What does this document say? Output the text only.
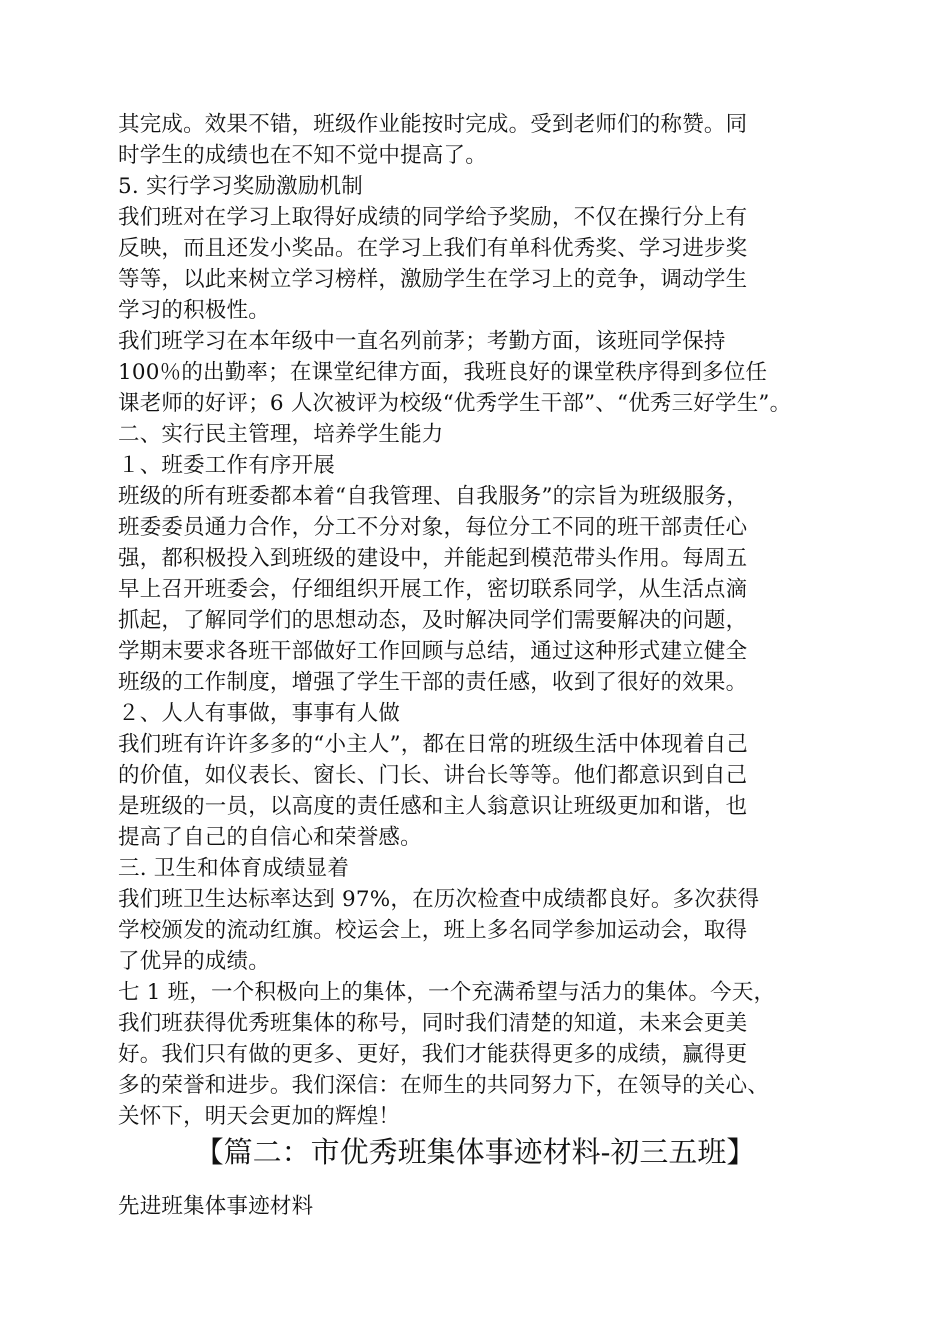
其完成。效果不错，班级作业能按时完成。受到老师们的称赞。同
时学生的成绩也在不知不觉中提高了。
5. 实行学习奖励激励机制
我们班对在学习上取得好成绩的同学给予奖励，不仅在操行分上有
反映，而且还发小奖品。在学习上我们有单科优秀奖、学习进步奖
等等，以此来树立学习榜样，激励学生在学习上的竞争，调动学生
学习的积极性。
我们班学习在本年级中一直名列前茅；考勤方面，该班同学保持
100％的出勤率；在课堂纪律方面，我班良好的课堂秩序得到多位任
课老师的好评；6 人次被评为校级“优秀学生干部”、“优秀三好学生”。
二、实行民主管理，培养学生能力
１、班委工作有序开展
班级的所有班委都本着“自我管理、自我服务”的宗旨为班级服务，
班委委员通力合作，分工不分对象，每位分工不同的班干部责任心
强，都积极投入到班级的建设中，并能起到模范带头作用。每周五
早上召开班委会，仔细组织开展工作，密切联系同学，从生活点滴
抓起，了解同学们的思想动态，及时解决同学们需要解决的问题，
学期末要求各班干部做好工作回顾与总结，通过这种形式建立健全
班级的工作制度，增强了学生干部的责任感，收到了很好的效果。
２、人人有事做，事事有人做
我们班有许许多多的“小主人”，都在日常的班级生活中体现着自己
的价值，如仪表长、窗长、门长、讲台长等等。他们都意识到自己
是班级的一员，以高度的责任感和主人翁意识让班级更加和谐，也
提高了自己的自信心和荣誉感。
三. 卫生和体育成绩显着
我们班卫生达标率达到 97%，在历次检查中成绩都良好。多次获得
学校颁发的流动红旗。校运会上，班上多名同学参加运动会，取得
了优异的成绩。
七 1 班，一个积极向上的集体，一个充满希望与活力的集体。今天，
我们班获得优秀班集体的称号，同时我们清楚的知道，未来会更美
好。我们只有做的更多、更好，我们才能获得更多的成绩，赢得更
多的荣誉和进步。我们深信：在师生的共同努力下，在领导的关心、
关怀下，明天会更加的辉煌！
【篇二：市优秀班集体事迹材料-初三五班】
先进班集体事迹材料
